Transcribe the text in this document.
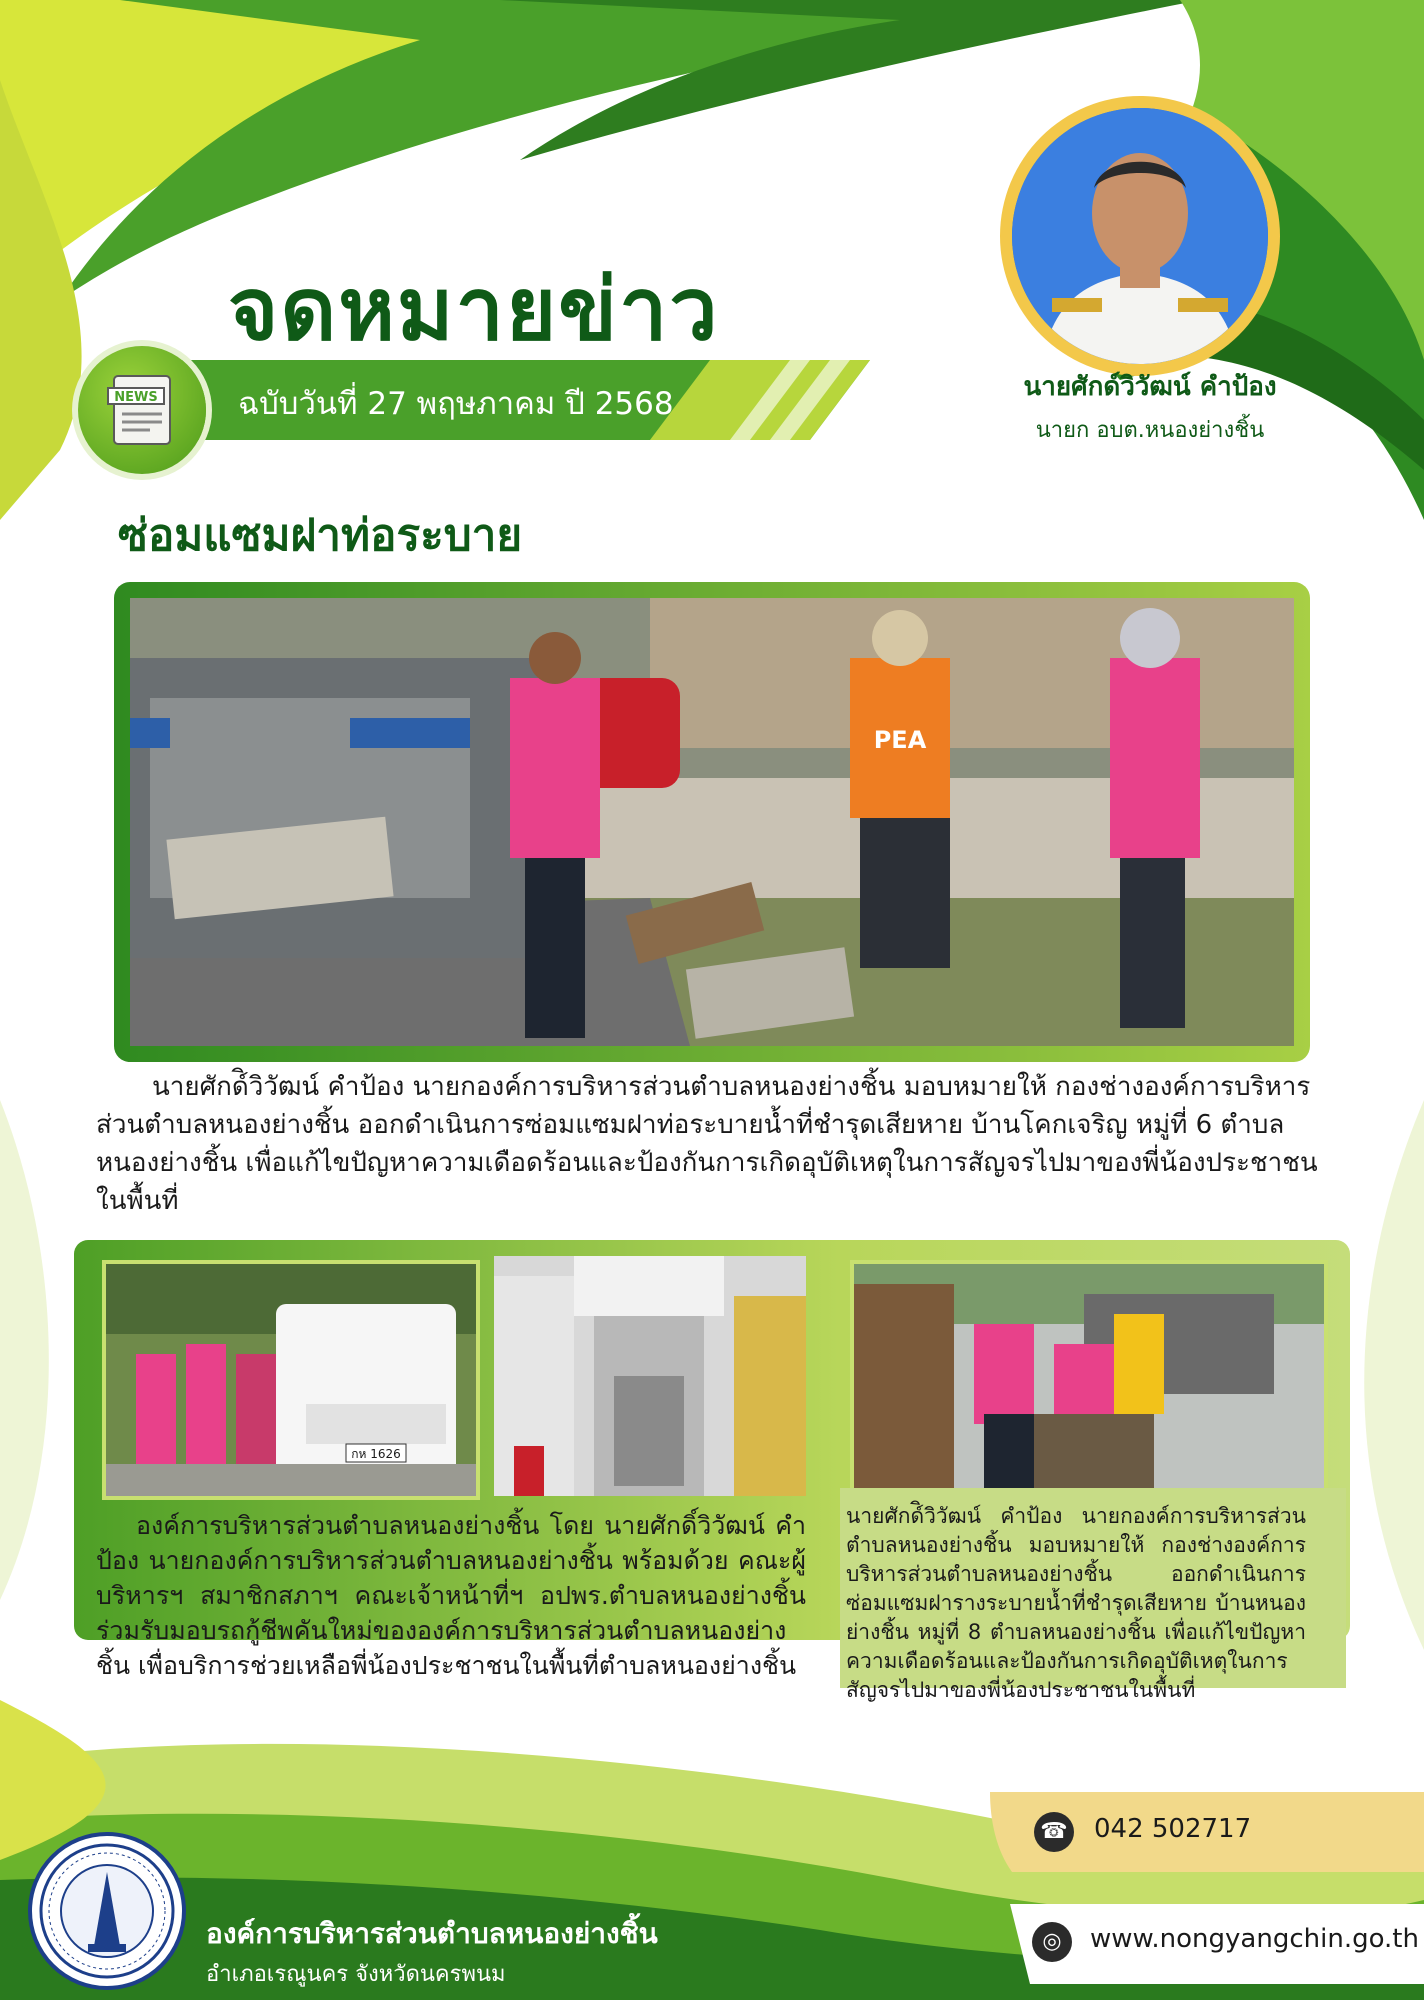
จดหมายข่าว
ฉบับวันที่ 27 พฤษภาคม ปี 2568
NEWS	นายศักด์วิวัฒน์ คำป้อง
นายก อบต.หนองย่างชิ้น
ซ่อมแซมฝาท่อระบาย
PEA
นายศักด์ิวิวัฒน์ คำป้อง นายกองค์การบริหารส่วนตำบลหนองย่างชิ้น มอบหมายให้ กองช่างองค์การบริหารส่วนตำบลหนองย่างชิ้น ออกดำเนินการซ่อมแซมฝาท่อระบายน้ำที่ชำรุดเสียหาย บ้านโคกเจริญ หมู่ที่ 6 ตำบลหนองย่างชิ้น เพื่อแก้ไขปัญหาความเดือดร้อนและป้องกันการเกิดอุบัติเหตุในการสัญจรไปมาของพี่น้องประชาชนในพื้นที่
กห 1626
องค์การบริหารส่วนตำบลหนองย่างชิ้น โดย นายศักดิ์วิวัฒน์ คำป้อง นายกองค์การบริหารส่วนตำบลหนองย่างชิ้น พร้อมด้วย คณะผู้บริหารฯ สมาชิกสภาฯ คณะเจ้าหน้าที่ฯ อปพร.ตำบลหนองย่างชิ้น ร่วมรับมอบรถกู้ชีพคันใหม่ขององค์การบริหารส่วนตำบลหนองย่างชิ้น เพื่อบริการช่วยเหลือพี่น้องประชาชนในพื้นที่ตำบลหนองย่างชิ้น
นายศักด์ิวิวัฒน์ คำป้อง นายกองค์การบริหารส่วนตำบลหนองย่างชิ้น มอบหมายให้ กองช่างองค์การบริหารส่วนตำบลหนองย่างชิ้น ออกดำเนินการซ่อมแซมฝารางระบายน้ำที่ชำรุดเสียหาย บ้านหนองย่างชิ้น หมู่ที่ 8 ตำบลหนองย่างชิ้น เพื่อแก้ไขปัญหาความเดือดร้อนและป้องกันการเกิดอุบัติเหตุในการสัญจรไปมาของพี่น้องประชาชนในพื้นที่
☎ 042 502717
◎	www.nongyangchin.go.th
องค์การบริหารส่วนตำบลหนองย่างชิ้น
อำเภอเรณูนคร จังหวัดนครพนม
